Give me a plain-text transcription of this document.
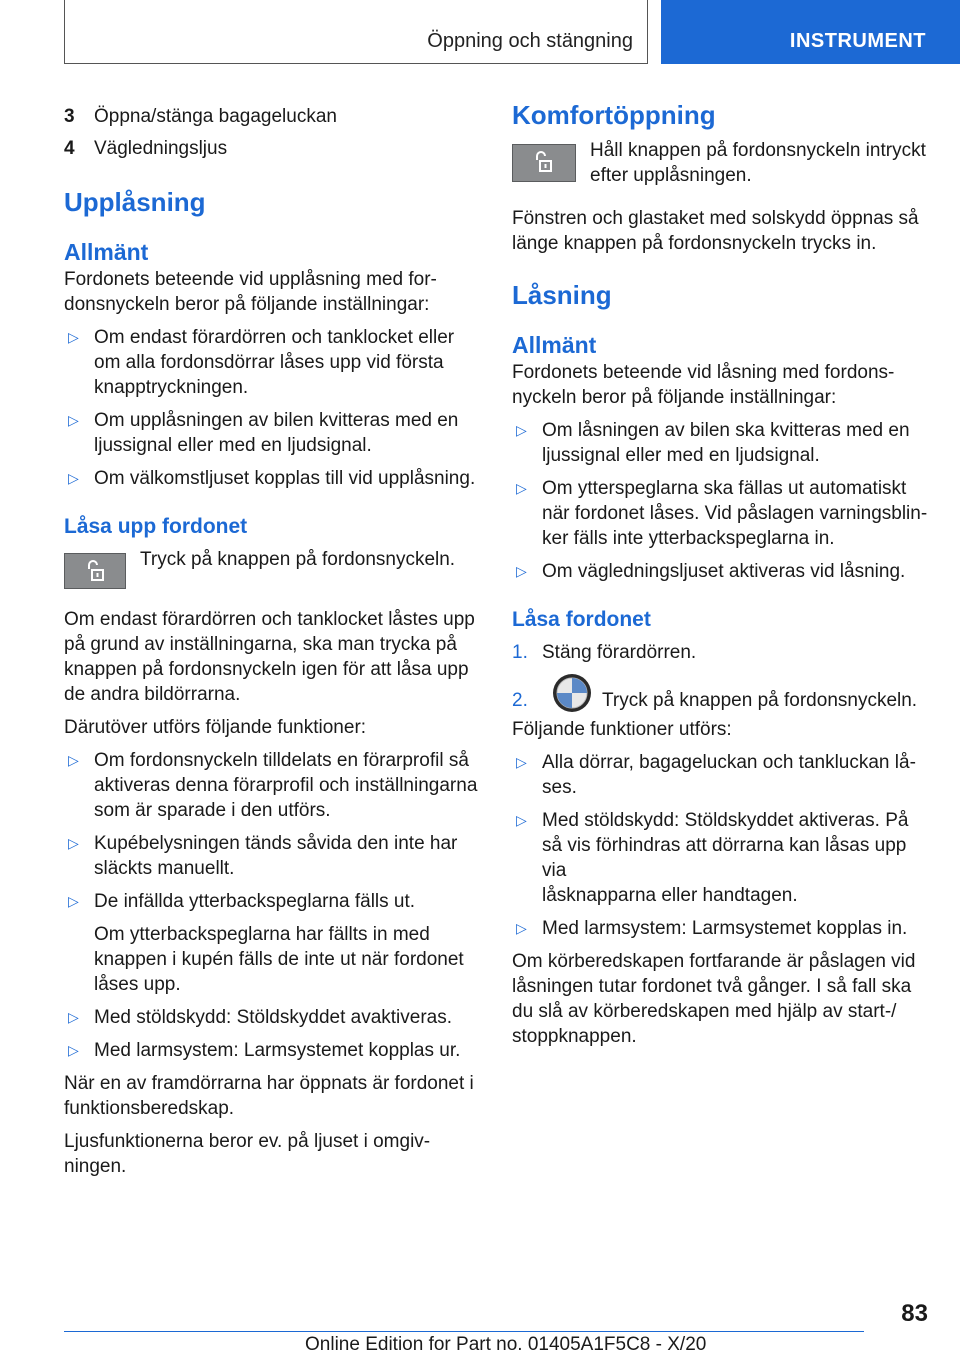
Öppning och stängning	INSTRUMENT
3	Öppna/stänga bagageluckan
4	Vägledningsljus
Upplåsning
Allmänt

Fordonets beteende vid upplåsning med for-
donsnyckeln beror på följande inställningar:

▷ Om endast förardörren och tanklocket eller
om alla fordonsdörrar låses upp vid första
knapptryckningen.
▷ Om upplåsningen av bilen kvitteras med en
ljussignal eller med en ljudsignal.
▷ Om välkomstljuset kopplas till vid upplåsning.
Låsa upp fordonet

Tryck på knappen på fordonsnyckeln.

Om endast förardörren och tanklocket låstes upp
på grund av inställningarna, ska man trycka på
knappen på fordonsnyckeln igen för att låsa upp
de andra bildörrarna.

Därutöver utförs följande funktioner:

▷ Om fordonsnyckeln tilldelats en förarprofil så
aktiveras denna förarprofil och inställningarna
som är sparade i den utförs.
▷ Kupébelysningen tänds såvida den inte har
släckts manuellt.
▷ De infällda ytterbackspeglarna fälls ut.
Om ytterbackspeglarna har fällts in med
knappen i kupén fälls de inte ut när fordonet
låses upp.
▷ Med stöldskydd: Stöldskyddet avaktiveras.
▷ Med larmsystem: Larmsystemet kopplas ur.

När en av framdörrarna har öppnats är fordonet i
funktionsberedskap.

Ljusfunktionerna beror ev. på ljuset i omgiv-
ningen.

Komfortöppning

Håll knappen på fordonsnyckeln intryckt
efter upplåsningen.

Fönstren och glastaket med solskydd öppnas så
länge knappen på fordonsnyckeln trycks in.

Låsning
Allmänt

Fordonets beteende vid låsning med fordons-
nyckeln beror på följande inställningar:

▷ Om låsningen av bilen ska kvitteras med en
ljussignal eller med en ljudsignal.
▷ Om ytterspeglarna ska fällas ut automatiskt
när fordonet låses. Vid påslagen varningsblin-
ker fälls inte ytterbackspeglarna in.
▷ Om vägledningsljuset aktiveras vid låsning.
Låsa fordonet
1. Stäng förardörren.
2.	Tryck på knappen på fordonsnyckeln.

Följande funktioner utförs:

▷ Alla dörrar, bagageluckan och tankluckan lå-
ses.
▷ Med stöldskydd: Stöldskyddet aktiveras. På
så vis förhindras att dörrarna kan låsas upp via
låsknapparna eller handtagen.
▷ Med larmsystem: Larmsystemet kopplas in.

Om körberedskapen fortfarande är påslagen vid
låsningen tutar fordonet två gånger. I så fall ska
du slå av körberedskapen med hjälp av start-/
stoppknappen.

83
Online Edition for Part no. 01405A1F5C8 - X/20
